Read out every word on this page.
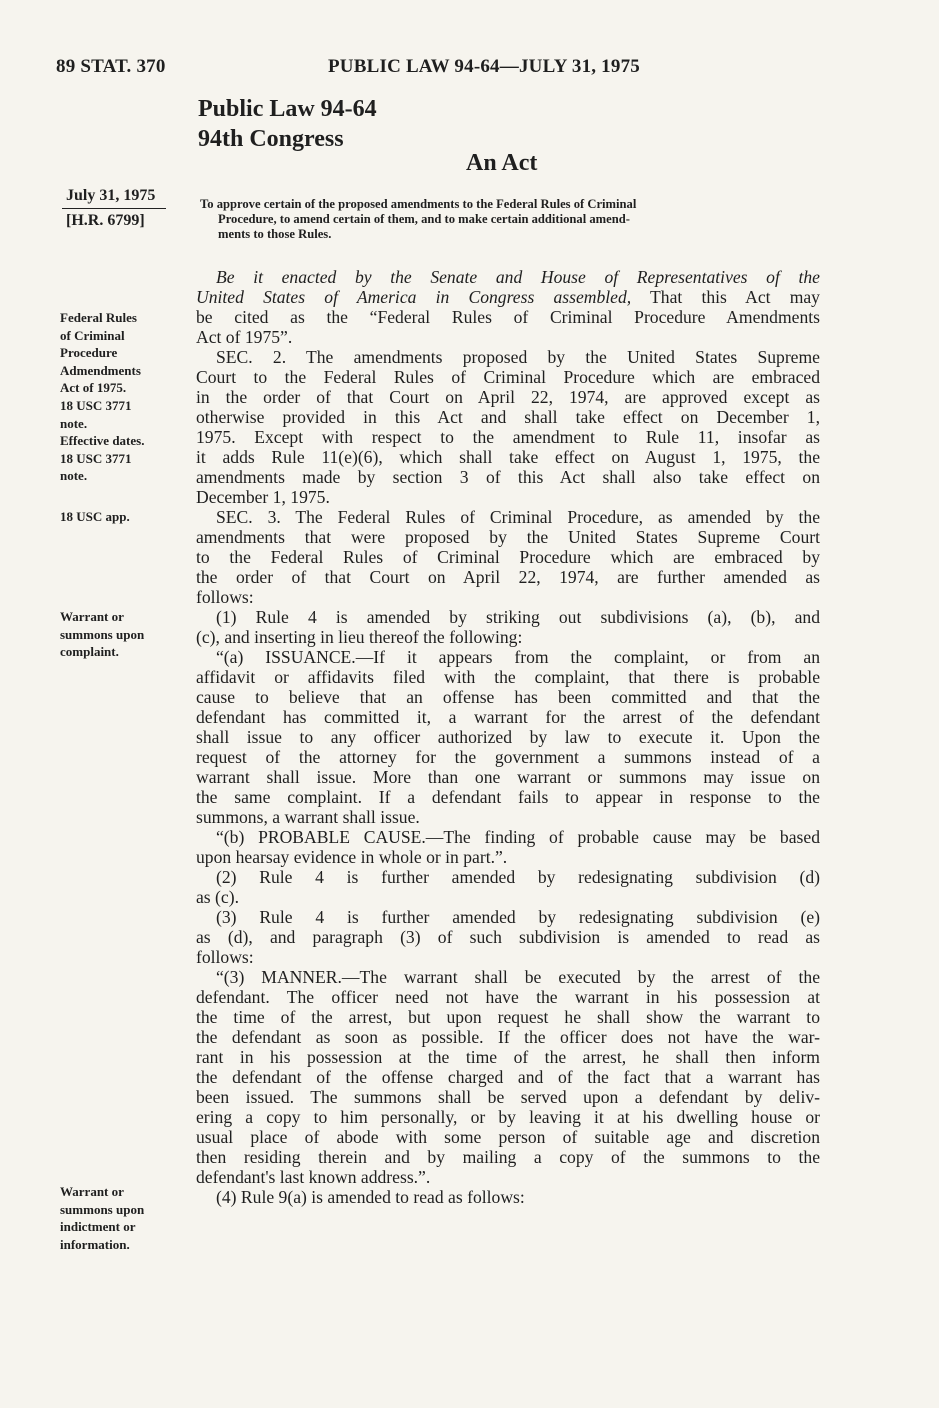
89 STAT. 370	PUBLIC LAW 94-64—JULY 31, 1975
Public Law 94-64
94th Congress
An Act
July 31, 1975
[H.R. 6799]
To approve certain of the proposed amendments to the Federal Rules of Criminal
Procedure, to amend certain of them, and to make certain additional amend-
ments to those Rules.
Federal Rules
of Criminal
Procedure
Admendments
Act of 1975.
18 USC 3771
note.
Effective dates.
18 USC 3771
note.
18 USC app.
Warrant or
summons upon
complaint.
Warrant or
summons upon
indictment or
information.
Be it enacted by the Senate and House of Representatives of the
United States of America in Congress assembled, That this Act may
be cited as the “Federal Rules of Criminal Procedure Amendments
Act of 1975”.
SEC. 2. The amendments proposed by the United States Supreme
Court to the Federal Rules of Criminal Procedure which are embraced
in the order of that Court on April 22, 1974, are approved except as
otherwise provided in this Act and shall take effect on December 1,
1975. Except with respect to the amendment to Rule 11, insofar as
it adds Rule 11(e)(6), which shall take effect on August 1, 1975, the
amendments made by section 3 of this Act shall also take effect on
December 1, 1975.
SEC. 3. The Federal Rules of Criminal Procedure, as amended by the
amendments that were proposed by the United States Supreme Court
to the Federal Rules of Criminal Procedure which are embraced by
the order of that Court on April 22, 1974, are further amended as
follows:
(1) Rule 4 is amended by striking out subdivisions (a), (b), and
(c), and inserting in lieu thereof the following:
“(a) ISSUANCE.—If it appears from the complaint, or from an
affidavit or affidavits filed with the complaint, that there is probable
cause to believe that an offense has been committed and that the
defendant has committed it, a warrant for the arrest of the defendant
shall issue to any officer authorized by law to execute it. Upon the
request of the attorney for the government a summons instead of a
warrant shall issue. More than one warrant or summons may issue on
the same complaint. If a defendant fails to appear in response to the
summons, a warrant shall issue.
“(b) PROBABLE CAUSE.—The finding of probable cause may be based
upon hearsay evidence in whole or in part.”.
(2) Rule 4 is further amended by redesignating subdivision (d)
as (c).
(3) Rule 4 is further amended by redesignating subdivision (e)
as (d), and paragraph (3) of such subdivision is amended to read as
follows:
“(3) MANNER.—The warrant shall be executed by the arrest of the
defendant. The officer need not have the warrant in his possession at
the time of the arrest, but upon request he shall show the warrant to
the defendant as soon as possible. If the officer does not have the war-
rant in his possession at the time of the arrest, he shall then inform
the defendant of the offense charged and of the fact that a warrant has
been issued. The summons shall be served upon a defendant by deliv-
ering a copy to him personally, or by leaving it at his dwelling house or
usual place of abode with some person of suitable age and discretion
then residing therein and by mailing a copy of the summons to the
defendant's last known address.”.
(4) Rule 9(a) is amended to read as follows:
